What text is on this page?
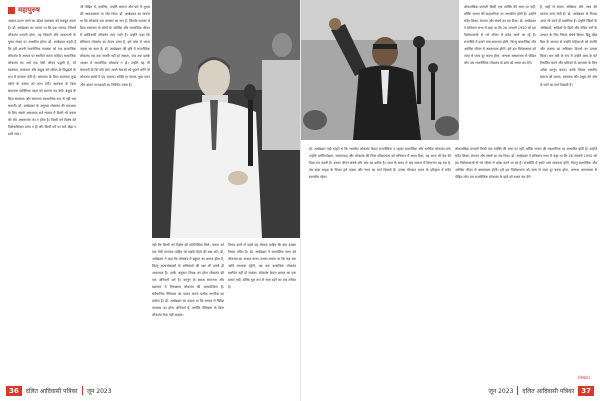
महापुरुष
आदान-प्रदान करने का उद्देश्य स्वतंत्रता को मजबूत करना है। डॉ. अम्बेडकर का मानना था कि एक समाज, जिसमें लोकतंत्र प्रभावी होगा, वह विचारों और भावनाओं के मुक्त संचार पर आधारित होगा। डॉ. अम्बेडकर कहते हैं कि हमें अपनी राजनीतिक व्यवस्था को एक सामाजिक लोकतंत्र के आधार पर स्थापित करना चाहिए। सामाजिक लोकतंत्र का अर्थ एक ऐसी जीवन पद्धति है, जो स्वतंत्रता, समानता और बंधुत्व को जीवन के सिद्धांतों के रूप में मान्यता देती है। समानता के बिना स्वतंत्रता कुछ लोगों के वर्चस्व को जन्म देगी। स्वतंत्रता के बिना समानता व्यक्तिगत पहल को समाप्त कर देगी। बंधुत्व के बिना स्वतंत्रता और समानता स्वाभाविक रूप से नहीं चल सकतीं। डॉ. अम्बेडकर के अनुसार लोकतंत्र की सफलता के लिए सबसे आवश्यक शर्त समाज में किसी भी प्रकार की घोर असमानता का न होना है। किसी वर्ग विशेष को विशेषाधिकार प्राप्त न हों और किसी वर्ग पर सारे बोझ न डाले जाएं।
जो पीड़ित थे, इसलिए, उन्होंने समाज और धर्म में सुधार की आवश्यकता पर जोर दिया। डॉ. अम्बेडकर का मानना था कि लोकतंत्र एक सरकार का रूप है, जिसके माध्यम से बिना रक्तपात के लोगों के आर्थिक और सामाजिक जीवन में क्रांतिकारी परिवर्तन लाए जाते हैं। उन्होंने कहा कि संविधान लोकतंत्र का केवल ढांचा है, इसे मांस से भरना जनता का काम है। डॉ. अम्बेडकर की दृष्टि में राजनीतिक लोकतंत्र तब तक स्थायी नहीं हो सकता, जब तक इसके आधार में सामाजिक लोकतंत्र न हो। उन्होंने यह भी चेतावनी दी कि यदि लोग अपने नेताओं को पूजने लगेंगे तो लोकतंत्र खतरे में पड़ जाएगा। भक्ति या नायक पूजा पतन और अंततः तानाशाही का निश्चित रास्ता है।
नहीं कि किसी वर्ग विशेष को प्रतिनिधित्व मिले। जनता को एक ऐसी व्यवस्था चाहिए जो सबके हितों की रक्षा करे। डॉ. अम्बेडकर ने कहा कि लोकतंत्र में बहुमत का शासन होता है, किन्तु अल्पसंख्यकों के अधिकारों की रक्षा भी उतनी ही आवश्यक है। उनके अनुसार विपक्ष का होना लोकतंत्र की एक अनिवार्य शर्त है। कानून के समक्ष समानता और प्रशासन में निष्पक्षता लोकतंत्र की आधारशिला हैं। संवैधानिक नैतिकता का पालन करना प्रत्येक नागरिक का कर्तव्य है। डॉ. अम्बेडकर का कहना था कि समाज में नैतिक व्यवस्था का होना अनिवार्य है, क्योंकि नैतिकता के बिना लोकतंत्र टिक नहीं सकता।
विचार करने से पहले वह सोचना चाहिए कि क्या उसका विचार उचित है। डॉ. अम्बेडकर ने सामाजिक न्याय को लोकतंत्र का आधार माना। उनका मानना था कि जब तक जाति व्यवस्था रहेगी, तब तक वास्तविक लोकतंत्र स्थापित नहीं हो सकता। लोकतंत्र केवल शासन का एक प्रकार नहीं, बल्कि मूल रूप से साथ रहने का एक तरीका है।
36	दलित आदिवासी पत्रिका जून 2023
लोकतांत्रिक प्रणाली किसी एक व्यक्ति की सत्ता पर नहीं, बल्कि जनता की सहभागिता पर आधारित होती है। उन्होंने सदैव शिक्षा, संगठन और संघर्ष का मंत्र दिया। डॉ. अम्बेडकर ने संविधान सभा में कहा था कि 26 जनवरी 1950 को हम विरोधाभासों से भरे जीवन में प्रवेश करने जा रहे हैं। राजनीति में हमारे पास समानता होगी, किन्तु सामाजिक और आर्थिक जीवन में असमानता होगी। हमें इस विरोधाभास को जल्द से जल्द दूर करना होगा, अन्यथा असमानता से पीड़ित लोग उस राजनीतिक लोकतंत्र के ढांचे को ध्वस्त कर देंगे।
हैं, जहाँ से समान अधिकार और न्याय की भावना जन्म लेती है। डॉ. अम्बेडकर के विचार आज भी उतने ही प्रासंगिक हैं। उन्होंने स्त्रियों के अधिकारों, श्रमिकों के हितों और वंचित वर्गों के उत्थान के लिए निरंतर संघर्ष किया। हिंदू कोड बिल के माध्यम से उन्होंने महिलाओं को संपत्ति और तलाक का अधिकार दिलाने का प्रयास किया। श्रम मंत्री के रूप में उन्होंने काम के घंटे निर्धारित करने और श्रमिकों के कल्याण के लिए अनेक कानून बनाए। उनके विचार भारतीय समाज को समता, स्वतंत्रता और बंधुत्व की ओर ले जाने का मार्ग दिखाते हैं।
डॉ. अम्बेडकर यही चाहते थे कि भारतीय लोकतंत्र केवल राजनीतिक न रहकर सामाजिक और आर्थिक लोकतंत्र बने। उन्होंने धर्मनिरपेक्षता, समाजवाद और लोकतंत्र की जिस परिकल्पना को संविधान में स्थान दिया, वह आज भी देश की दिशा तय करती है। उनका जीवन संघर्ष और ज्ञान का प्रतीक है। आज के समय में जब समाज में विभाजन बढ़ रहा है, तब बाबा साहब के विचार हमें एकता और न्याय का मार्ग दिखाते हैं। उनका योगदान भारत के इतिहास में सदैव स्मरणीय रहेगा।
लोकतांत्रिक प्रणाली किसी एक व्यक्ति की सत्ता पर नहीं, बल्कि जनता की सहभागिता पर आधारित होती है। उन्होंने सदैव शिक्षा, संगठन और संघर्ष का मंत्र दिया। डॉ. अम्बेडकर ने संविधान सभा में कहा था कि 26 जनवरी 1950 को हम विरोधाभासों से भरे जीवन में प्रवेश करने जा रहे हैं। राजनीति में हमारे पास समानता होगी, किन्तु सामाजिक और आर्थिक जीवन में असमानता होगी। हमें इस विरोधाभास को जल्द से जल्द दूर करना होगा, अन्यथा असमानता से पीड़ित लोग उस राजनीतिक लोकतंत्र के ढांचे को ध्वस्त कर देंगे।
(लेखक)
जून 2023 दलित आदिवासी पत्रिका	37
